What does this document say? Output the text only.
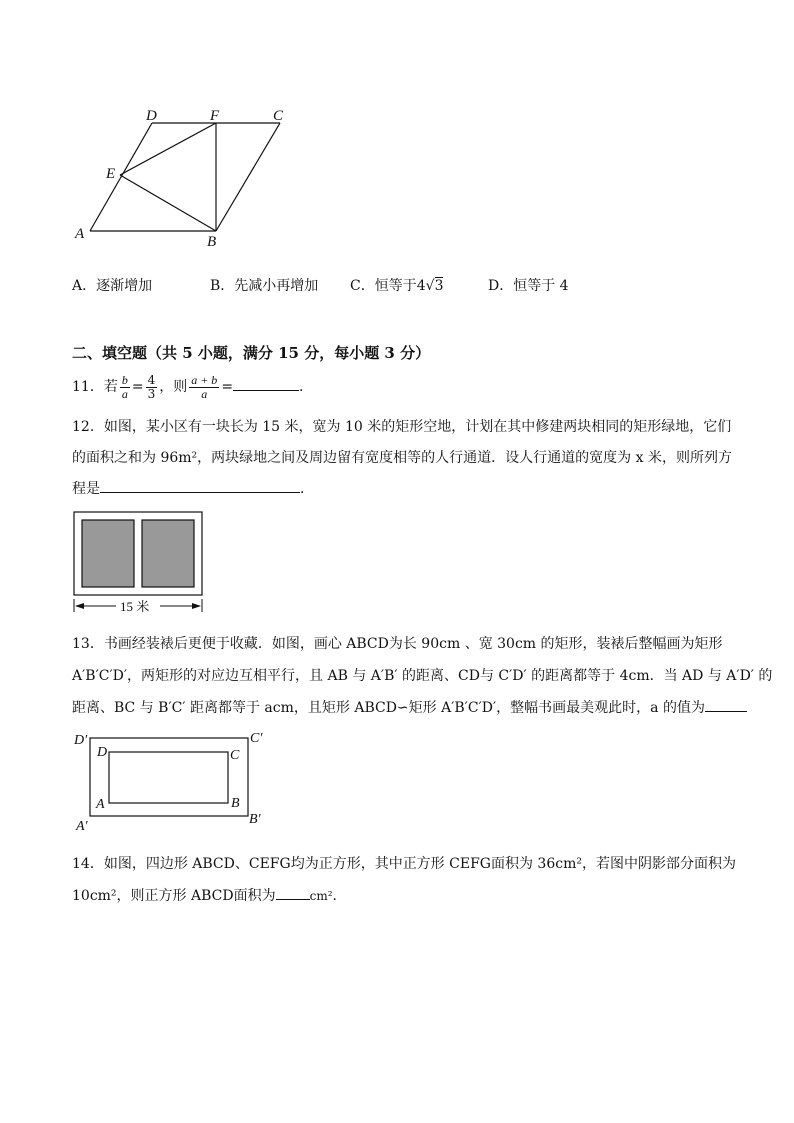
D	F	C
E
A	B
A．逐渐增加	B．先减小再增加 C．恒等于4√3	D．恒等于 4
二、填空题（共 5 小题，满分 15 分，每小题 3 分）
11．若 $\frac{b}{a} = \frac{4}{3}$ ，则 $\frac{a + b}{a}$ =	.
12．如图，某小区有一块长为 15 米，宽为 10 米的矩形空地，计划在其中修建两块相同的矩形绿地，它们
的面积之和为 96m²，两块绿地之间及周边留有宽度相等的人行通道．设人行通道的宽度为 x 米，则所列方
程是	．
15 米
13．书画经装裱后更便于收藏．如图，画心 ABCD为长 90cm 、宽 30cm 的矩形，装裱后整幅画为矩形
A′B′C′D′，两矩形的对应边互相平行，且 AB 与 A′B′ 的距离、CD与 C′D′ 的距离都等于 4cm．当 AD 与 A′D′ 的
距离、BC 与 B′C′ 距离都等于 acm，且矩形 ABCD∽矩形 A′B′C′D′，整幅书画最美观此时，a 的值为
D′	C′
D	C
A	B
A′	B′
14．如图，四边形 ABCD、CEFG均为正方形，其中正方形 CEFG面积为 36cm²，若图中阴影部分面积为
10cm²，则正方形 ABCD面积为	cm²．
